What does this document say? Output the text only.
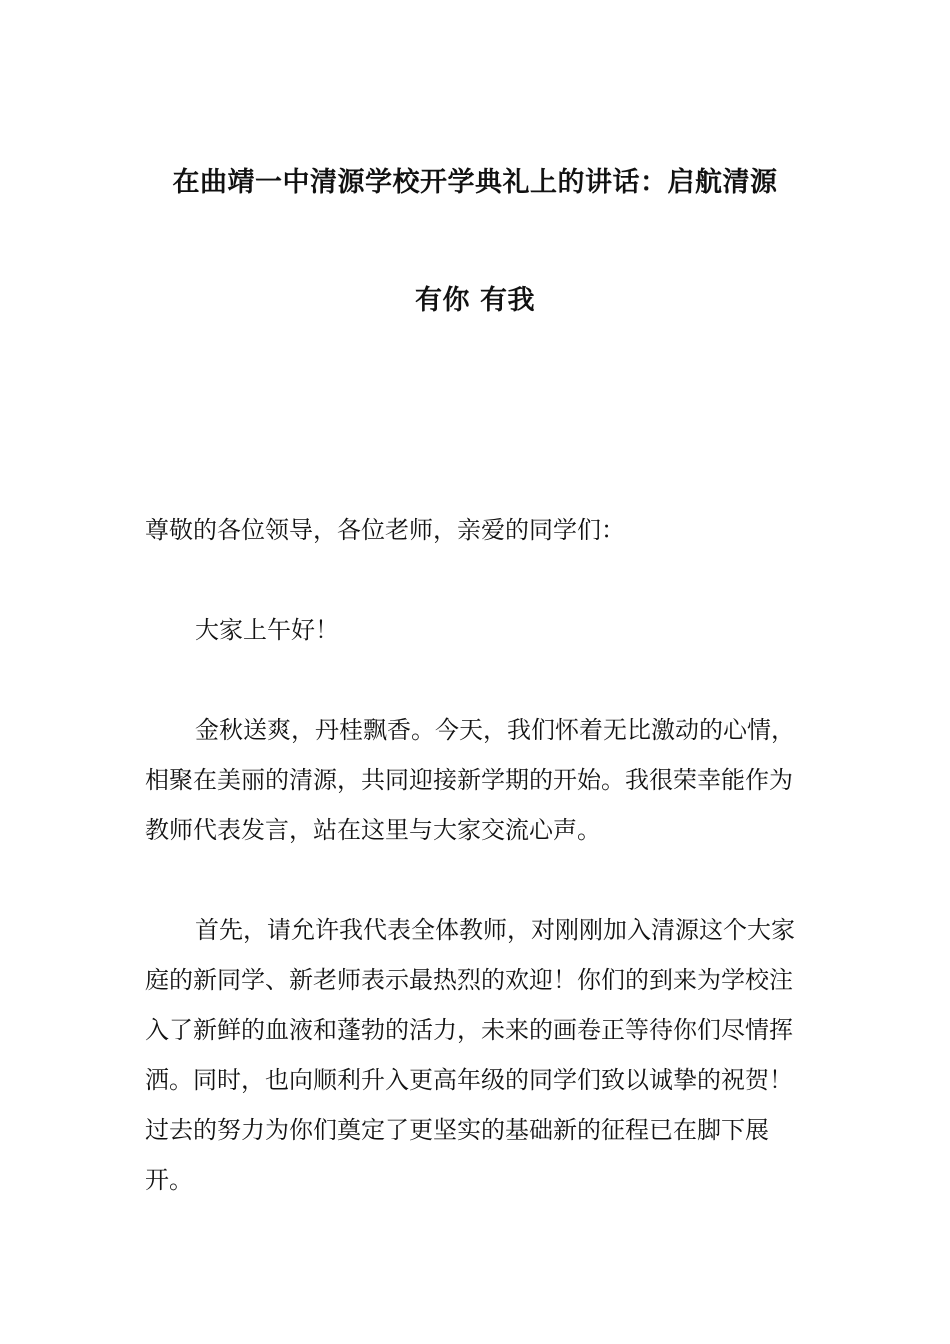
在曲靖一中清源学校开学典礼上的讲话：启航清源
有你 有我

尊敬的各位领导，各位老师，亲爱的同学们：

大家上午好！

金秋送爽，丹桂飘香。今天，我们怀着无比激动的心情，相聚在美丽的清源，共同迎接新学期的开始。我很荣幸能作为教师代表发言，站在这里与大家交流心声。

首先，请允许我代表全体教师，对刚刚加入清源这个大家庭的新同学、新老师表示最热烈的欢迎！你们的到来为学校注入了新鲜的血液和蓬勃的活力，未来的画卷正等待你们尽情挥洒。同时，也向顺利升入更高年级的同学们致以诚挚的祝贺！过去的努力为你们奠定了更坚实的基础新的征程已在脚下展开。
